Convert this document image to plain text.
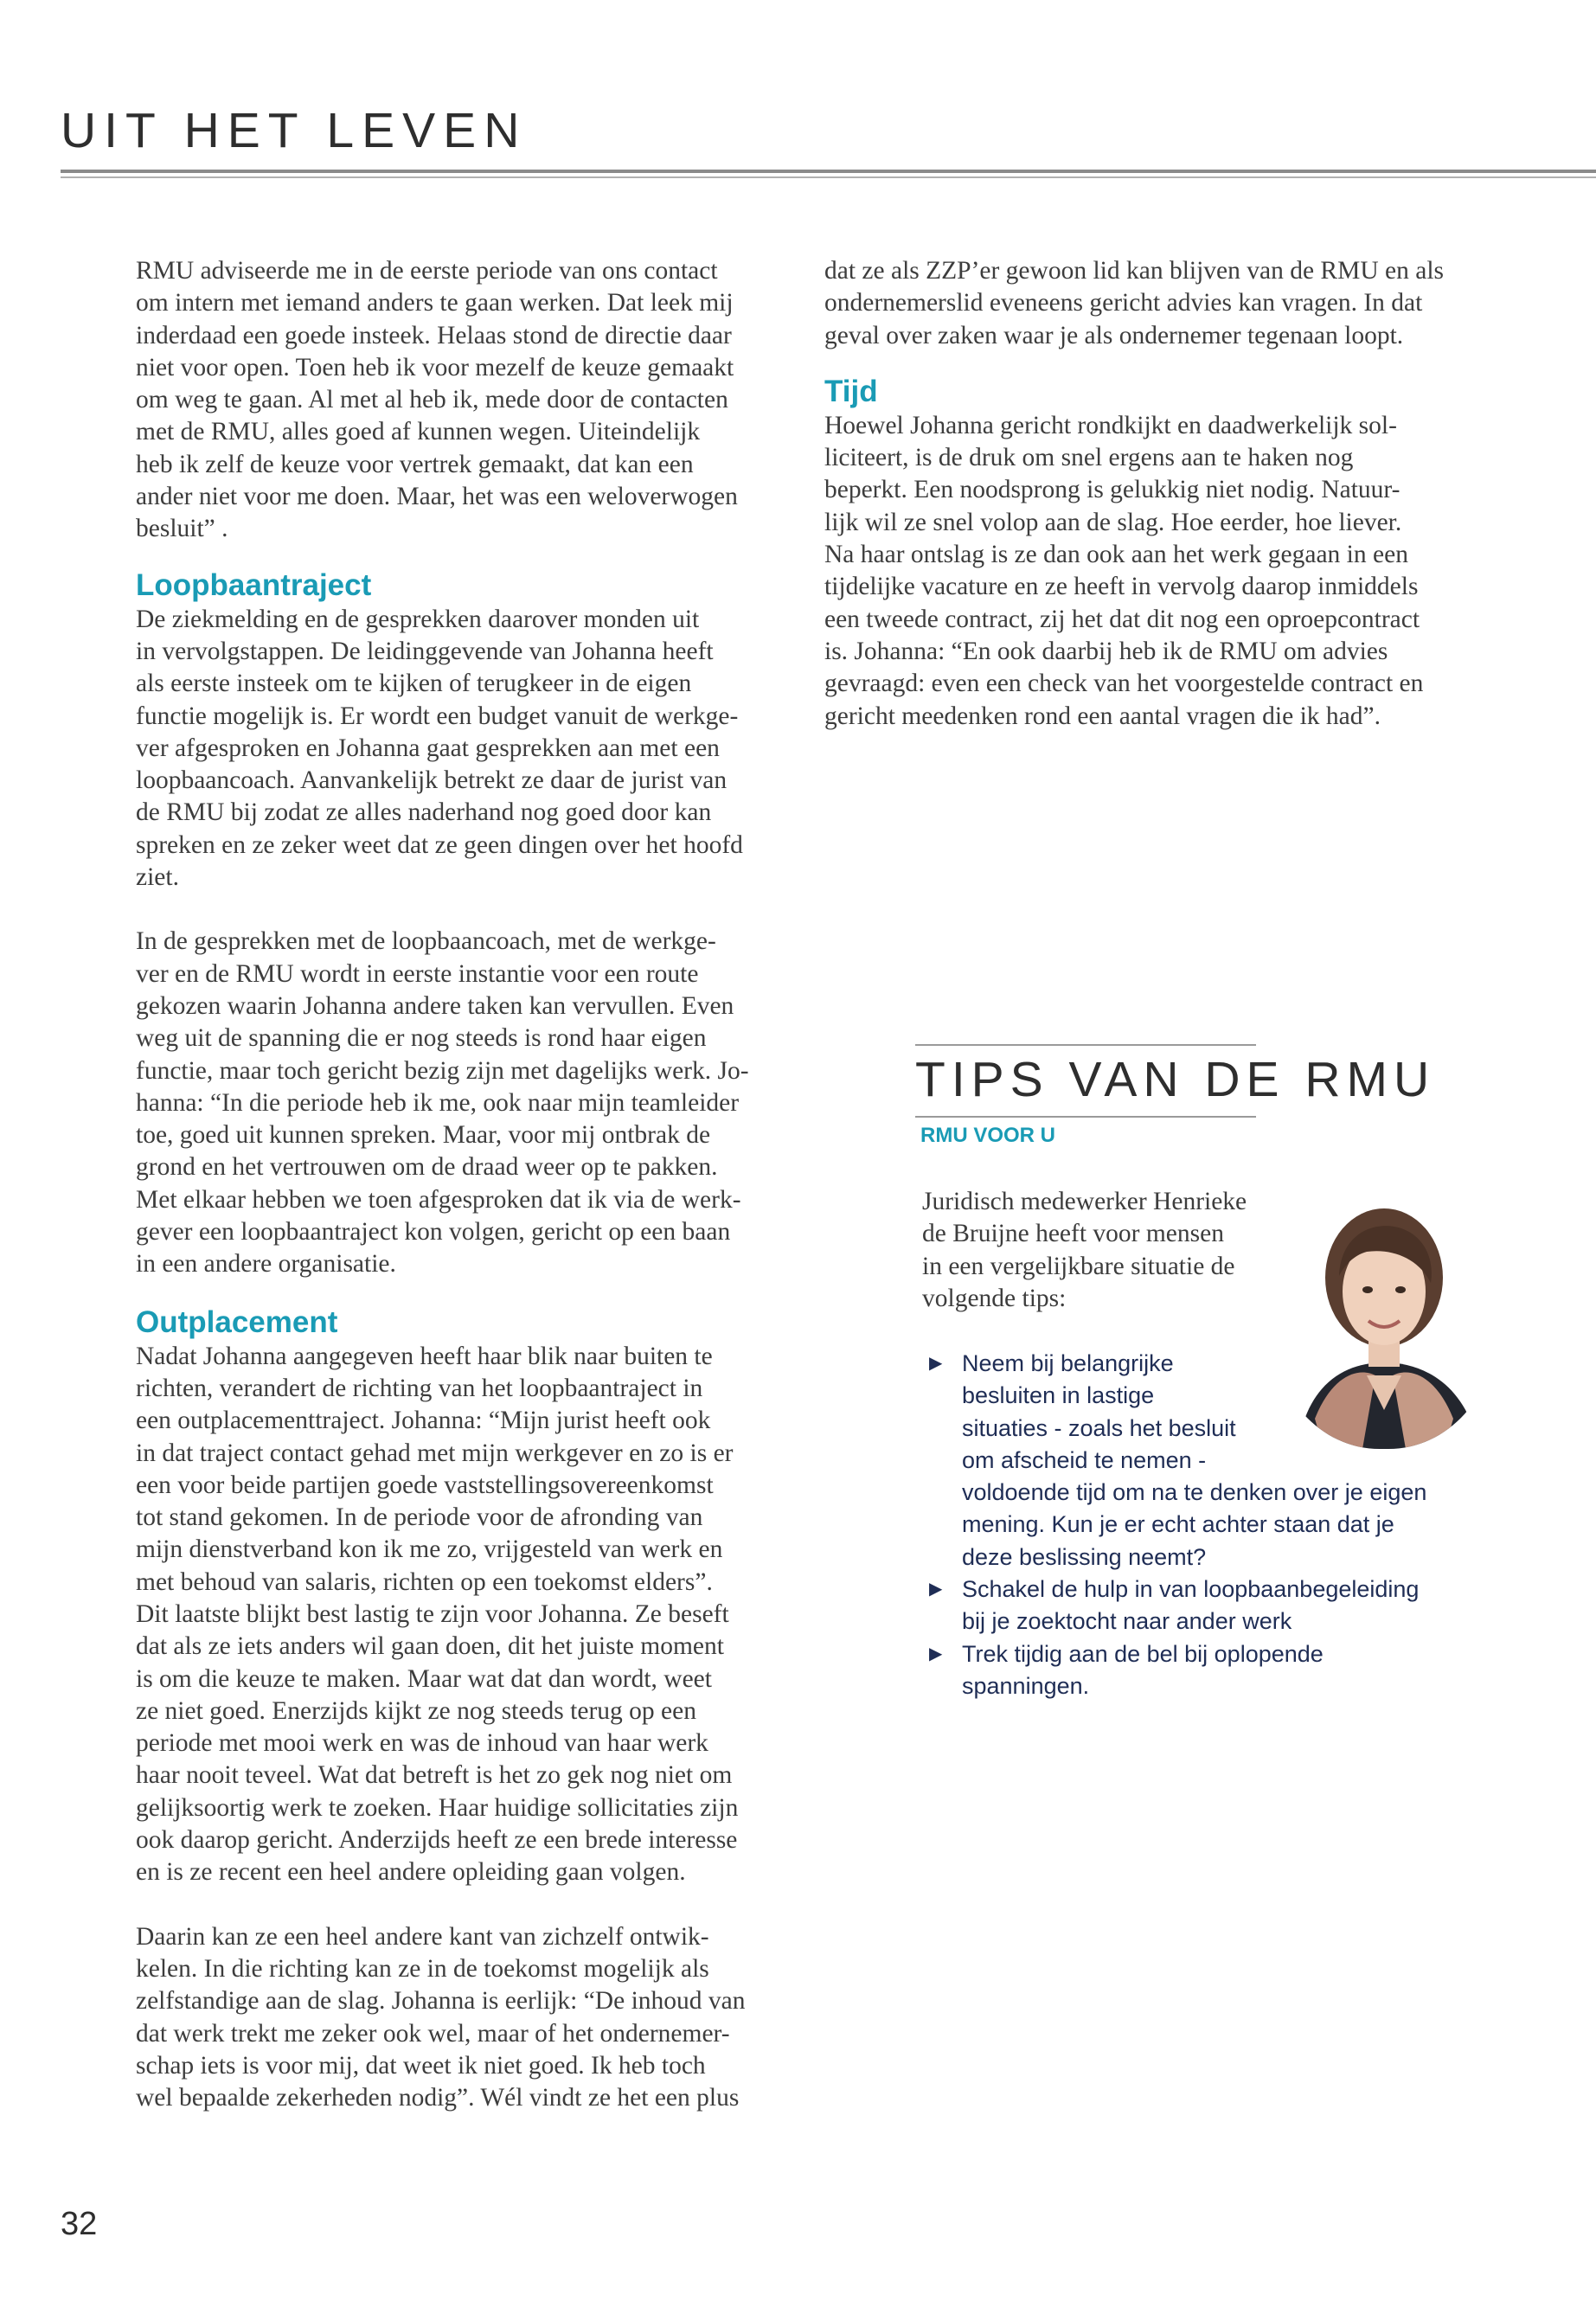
UIT HET LEVEN

RMU adviseerde me in de eerste periode van ons contact
om intern met iemand anders te gaan werken. Dat leek mij
inderdaad een goede insteek. Helaas stond de directie daar
niet voor open. Toen heb ik voor mezelf de keuze gemaakt
om weg te gaan. Al met al heb ik, mede door de contacten
met de RMU, alles goed af kunnen wegen. Uiteindelijk
heb ik zelf de keuze voor vertrek gemaakt, dat kan een
ander niet voor me doen. Maar, het was een weloverwogen
besluit” .

Loopbaantraject

De ziekmelding en de gesprekken daarover monden uit
in vervolgstappen. De leidinggevende van Johanna heeft
als eerste insteek om te kijken of terugkeer in de eigen
functie mogelijk is. Er wordt een budget vanuit de werkge-
ver afgesproken en Johanna gaat gesprekken aan met een
loopbaancoach. Aanvankelijk betrekt ze daar de jurist van
de RMU bij zodat ze alles naderhand nog goed door kan
spreken en ze zeker weet dat ze geen dingen over het hoofd
ziet.

In de gesprekken met de loopbaancoach, met de werkge-
ver en de RMU wordt in eerste instantie voor een route
gekozen waarin Johanna andere taken kan vervullen. Even
weg uit de spanning die er nog steeds is rond haar eigen
functie, maar toch gericht bezig zijn met dagelijks werk. Jo-
hanna: “In die periode heb ik me, ook naar mijn teamleider
toe, goed uit kunnen spreken. Maar, voor mij ontbrak de
grond en het vertrouwen om de draad weer op te pakken.
Met elkaar hebben we toen afgesproken dat ik via de werk-
gever een loopbaantraject kon volgen, gericht op een baan
in een andere organisatie.

Outplacement

Nadat Johanna aangegeven heeft haar blik naar buiten te
richten, verandert de richting van het loopbaantraject in
een outplacementtraject. Johanna: “Mijn jurist heeft ook
in dat traject contact gehad met mijn werkgever en zo is er
een voor beide partijen goede vaststellingsovereenkomst
tot stand gekomen. In de periode voor de afronding van
mijn dienstverband kon ik me zo, vrijgesteld van werk en
met behoud van salaris, richten op een toekomst elders”.
Dit laatste blijkt best lastig te zijn voor Johanna. Ze beseft
dat als ze iets anders wil gaan doen, dit het juiste moment
is om die keuze te maken. Maar wat dat dan wordt, weet
ze niet goed. Enerzijds kijkt ze nog steeds terug op een
periode met mooi werk en was de inhoud van haar werk
haar nooit teveel. Wat dat betreft is het zo gek nog niet om
gelijksoortig werk te zoeken. Haar huidige sollicitaties zijn
ook daarop gericht. Anderzijds heeft ze een brede interesse
en is ze recent een heel andere opleiding gaan volgen.

Daarin kan ze een heel andere kant van zichzelf ontwik-
kelen. In die richting kan ze in de toekomst mogelijk als
zelfstandige aan de slag. Johanna is eerlijk: “De inhoud van
dat werk trekt me zeker ook wel, maar of het ondernemer-
schap iets is voor mij, dat weet ik niet goed. Ik heb toch
wel bepaalde zekerheden nodig”. Wél vindt ze het een plus

dat ze als ZZP’er gewoon lid kan blijven van de RMU en als
ondernemerslid eveneens gericht advies kan vragen. In dat
geval over zaken waar je als ondernemer tegenaan loopt.

Tijd

Hoewel Johanna gericht rondkijkt en daadwerkelijk sol-
liciteert, is de druk om snel ergens aan te haken nog
beperkt. Een noodsprong is gelukkig niet nodig. Natuur-
lijk wil ze snel volop aan de slag. Hoe eerder, hoe liever.
Na haar ontslag is ze dan ook aan het werk gegaan in een
tijdelijke vacature en ze heeft in vervolg daarop inmiddels
een tweede contract, zij het dat dit nog een oproepcontract
is. Johanna: “En ook daarbij heb ik de RMU om advies
gevraagd: even een check van het voorgestelde contract en
gericht meedenken rond een aantal vragen die ik had”.

TIPS VAN DE RMU
RMU VOOR U

Juridisch medewerker Henrieke
de Bruijne heeft voor mensen
in een vergelijkbare situatie de
volgende tips:

▶ Neem bij belangrijke
besluiten in lastige
situaties - zoals het besluit
om afscheid te nemen -
voldoende tijd om na te denken over je eigen
mening. Kun je er echt achter staan dat je
deze beslissing neemt?
▶ Schakel de hulp in van loopbaanbegeleiding
bij je zoektocht naar ander werk
▶ Trek tijdig aan de bel bij oplopende
spanningen.
32
